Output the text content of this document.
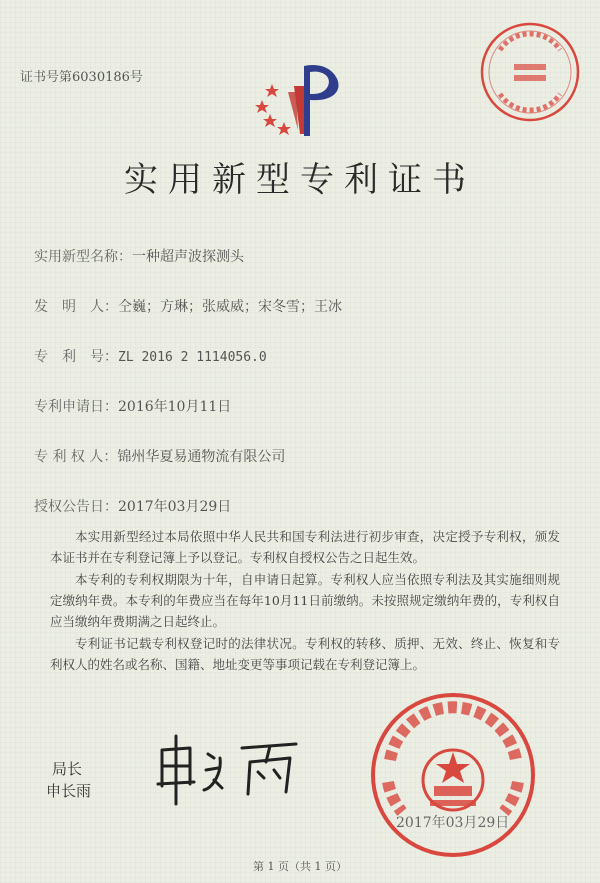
证书号第6030186号
实用新型专利证书
实用新型名称： 一种超声波探测头
发　明　人： 仝巍；方琳；张威威；宋冬雪；王冰
专　利　号： ZL 2016 2 1114056.0
专利申请日： 2016年10月11日
专 利 权 人： 锦州华夏易通物流有限公司
授权公告日： 2017年03月29日

本实用新型经过本局依照中华人民共和国专利法进行初步审查，决定授予专利权，颁发本证书并在专利登记簿上予以登记。专利权自授权公告之日起生效。

本专利的专利权期限为十年，自申请日起算。专利权人应当依照专利法及其实施细则规定缴纳年费。本专利的年费应当在每年10月11日前缴纳。未按照规定缴纳年费的，专利权自应当缴纳年费期满之日起终止。

专利证书记载专利权登记时的法律状况。专利权的转移、质押、无效、终止、恢复和专利权人的姓名或名称、国籍、地址变更等事项记载在专利登记簿上。

局长
申长雨
2017年03月29日
第 1 页（共 1 页）
